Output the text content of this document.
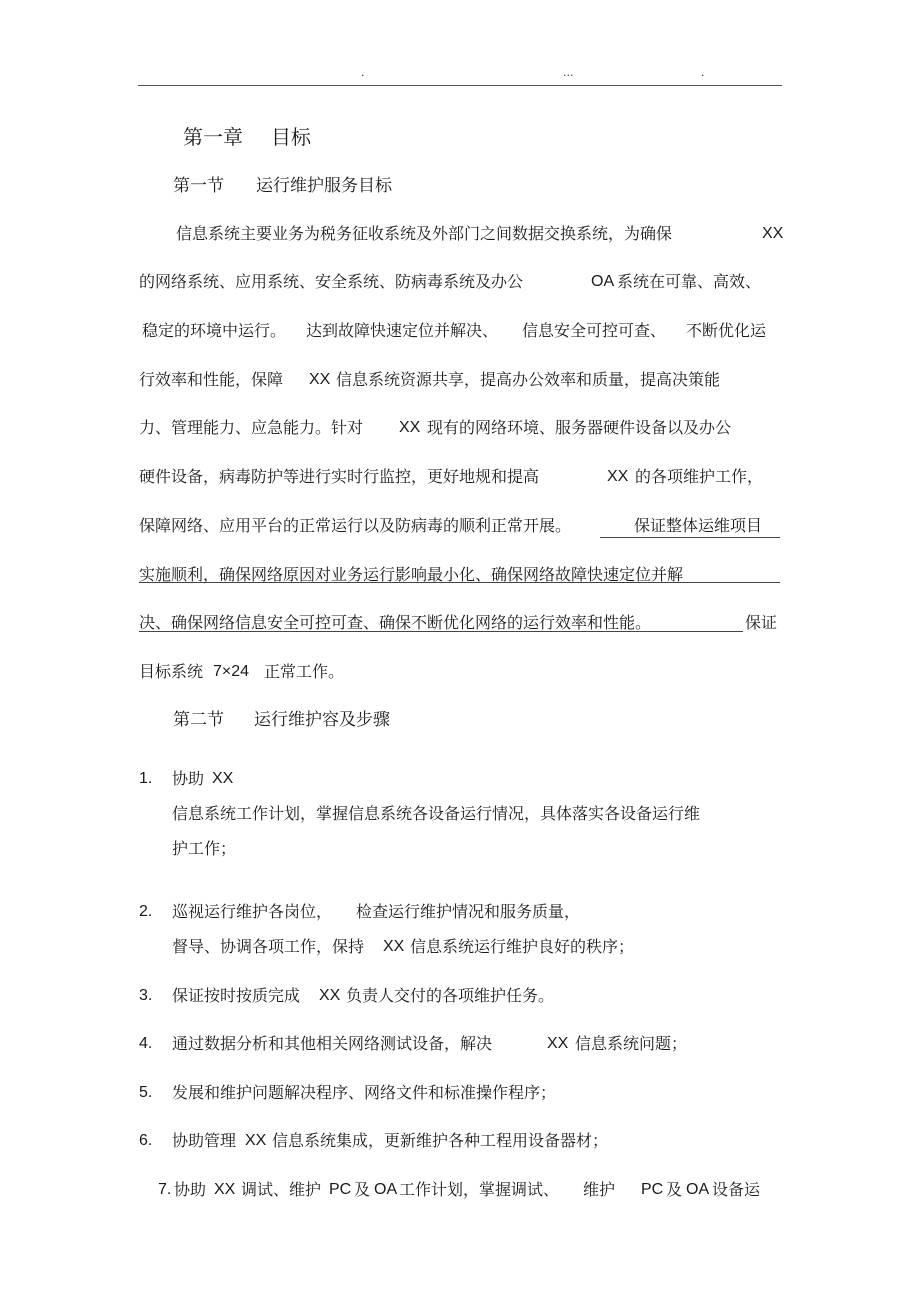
.	...	.
第一章 目标
第一节 运行维护服务目标
信息系统主要业务为税务征收系统及外部门之间数据交换系统，为确保	XX
的网络系统、应用系统、安全系统、防病毒系统及办公	OA 系统在可靠、高效、
稳定的环境中运行。 达到故障快速定位并解决、 信息安全可控可查、 不断优化运
行效率和性能，保障 XX 信息系统资源共享，提高办公效率和质量，提高决策能
力、管理能力、应急能力。针对 XX 现有的网络环境、服务器硬件设备以及办公
硬件设备，病毒防护等进行实时行监控，更好地规和提高	XX 的各项维护工作，
保障网络、应用平台的正常运行以及防病毒的顺利正常开展。	保证整体运维项目
实施顺利，确保网络原因对业务运行影响最小化、确保网络故障快速定位并解
决、确保网络信息安全可控可查、确保不断优化网络的运行效率和性能。	保证
目标系统 7×24 正常工作。
第二节 运行维护容及步骤
1. 协助 XX
信息系统工作计划，掌握信息系统各设备运行情况，具体落实各设备运行维
护工作；
2. 巡视运行维护各岗位， 检查运行维护情况和服务质量，
督导、协调各项工作，保持 XX 信息系统运行维护良好的秩序；
3. 保证按时按质完成 XX 负责人交付的各项维护任务。
4. 通过数据分析和其他相关网络测试设备，解决	XX 信息系统问题；
5. 发展和维护问题解决程序、网络文件和标准操作程序；
6. 协助管理 XX 信息系统集成，更新维护各种工程用设备器材；
7. 协助 XX 调试、维护 PC 及 OA 工作计划，掌握调试、 维护 PC 及 OA 设备运
